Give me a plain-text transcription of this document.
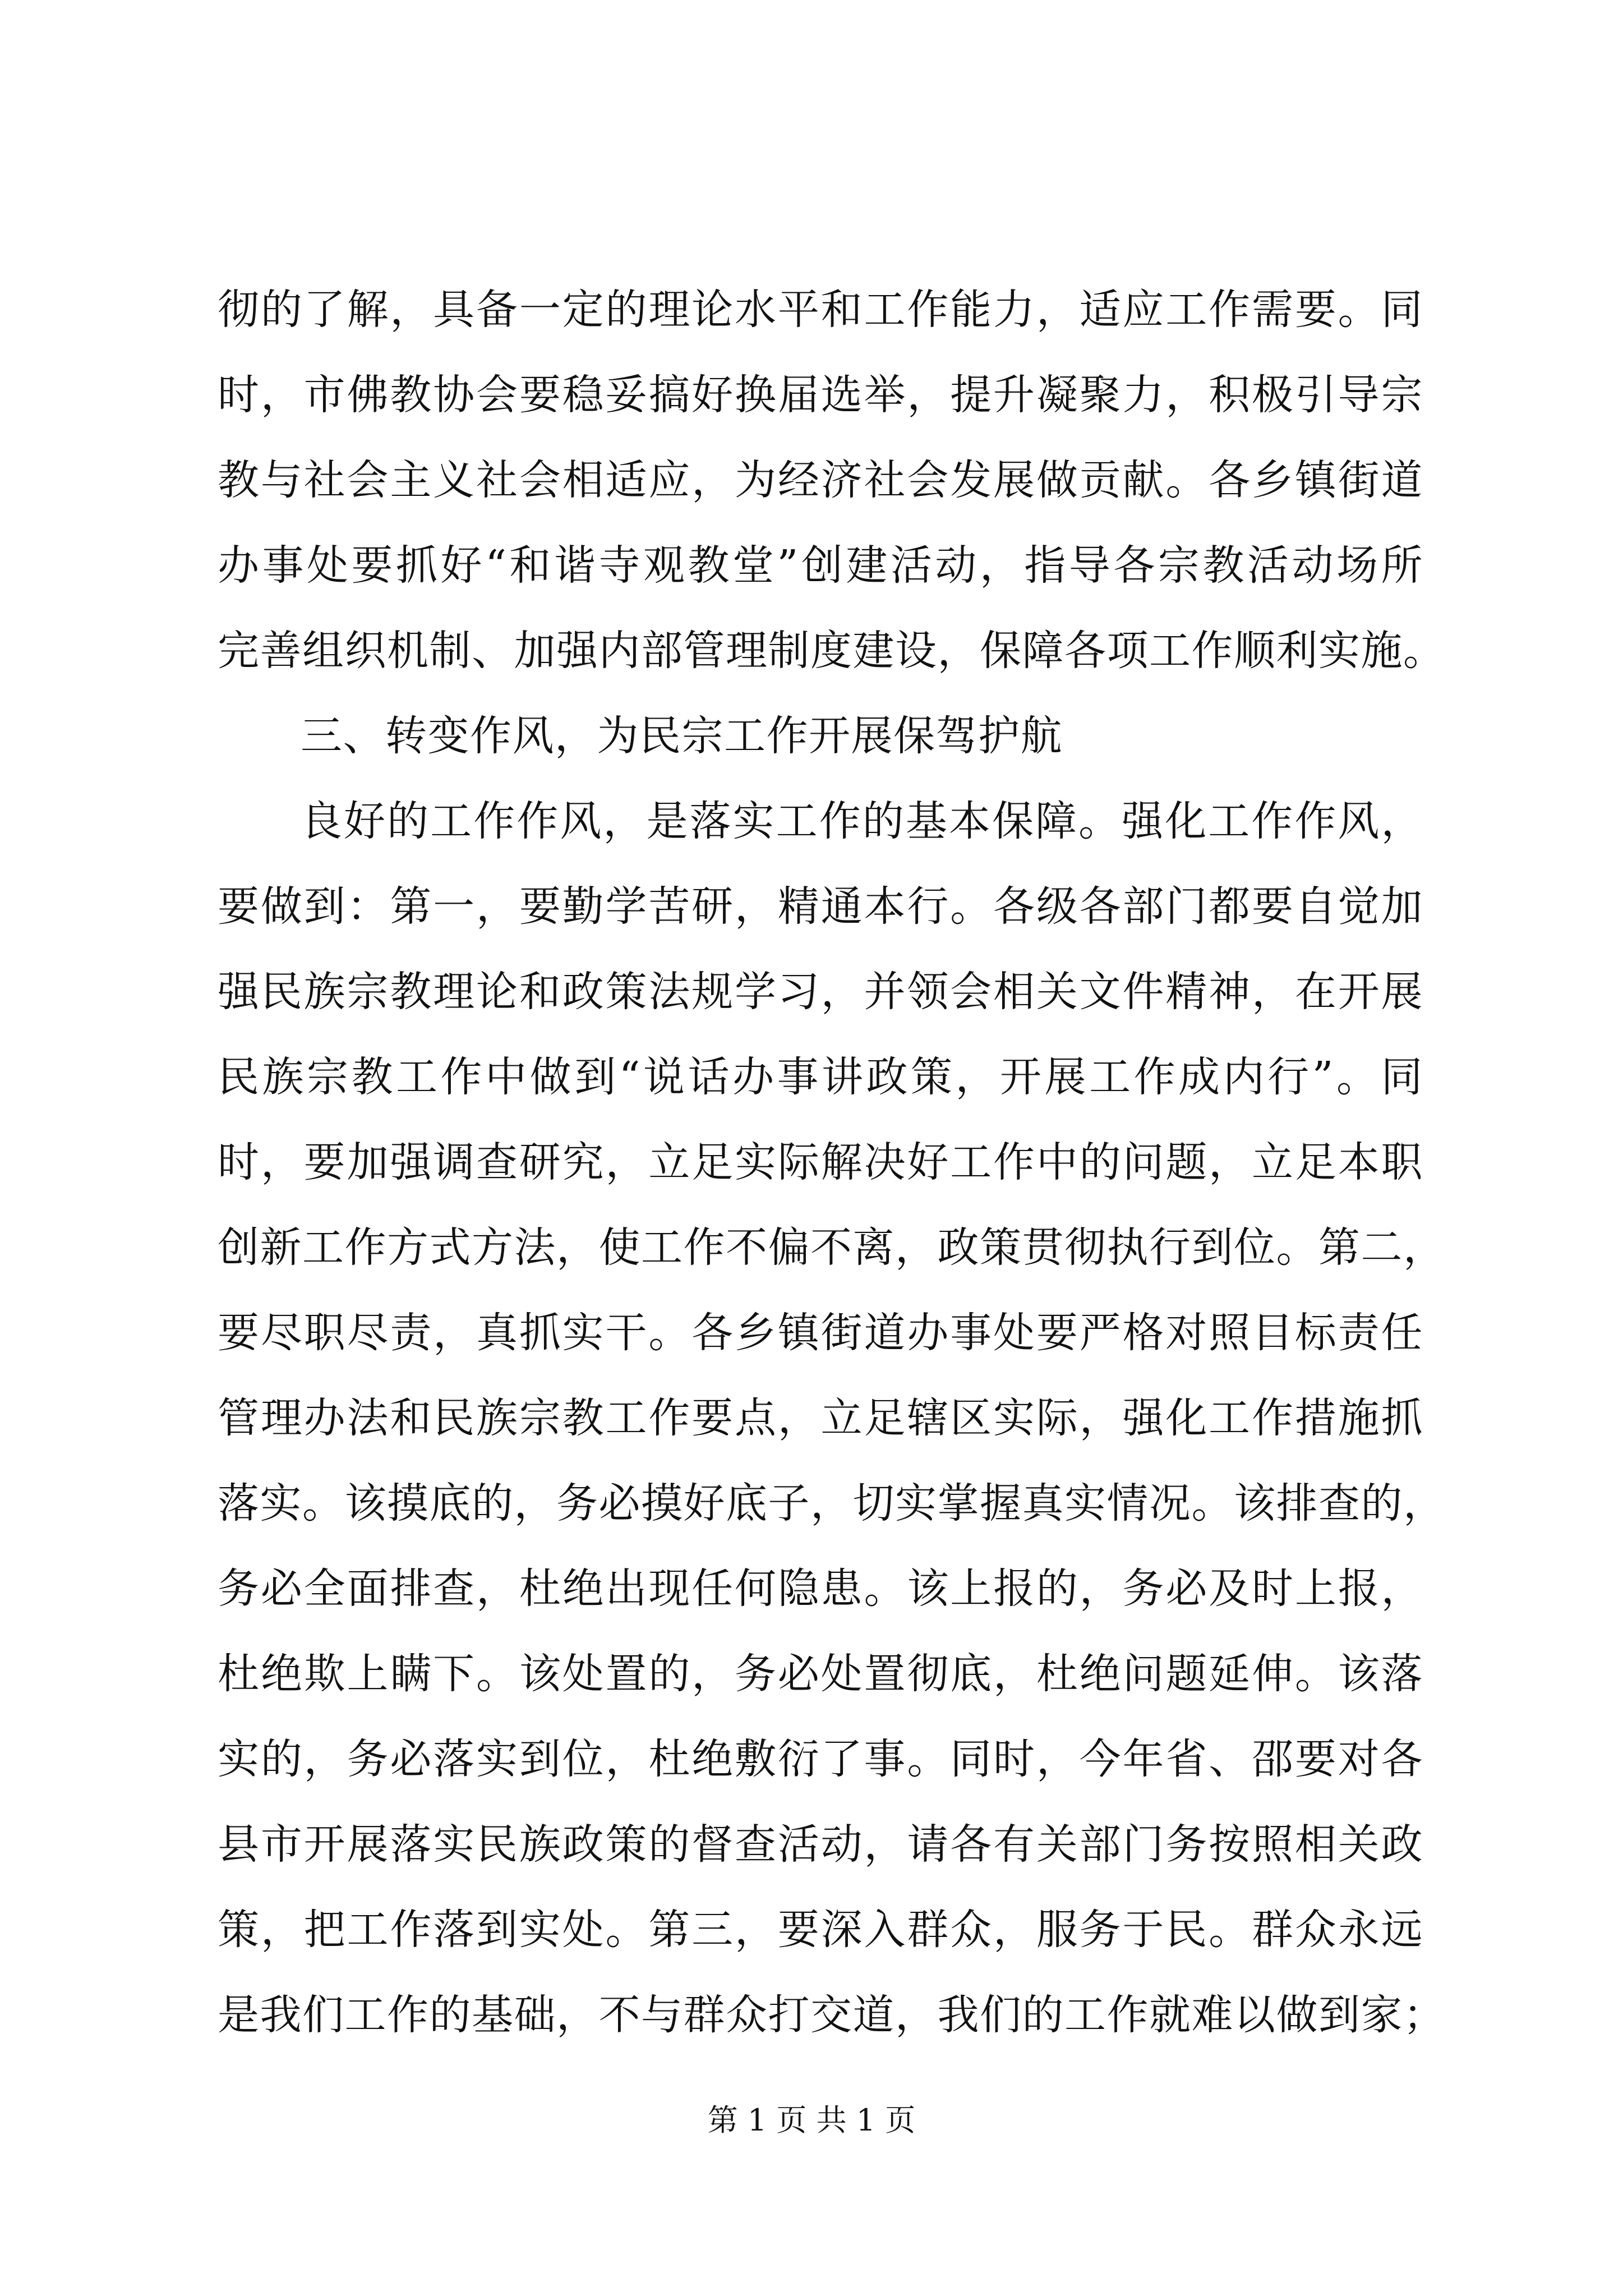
彻的了解，具备一定的理论水平和工作能力，适应工作需要。同
时，市佛教协会要稳妥搞好换届选举，提升凝聚力，积极引导宗
教与社会主义社会相适应，为经济社会发展做贡献。各乡镇街道
办事处要抓好“和谐寺观教堂”创建活动，指导各宗教活动场所
完善组织机制、加强内部管理制度建设，保障各项工作顺利实施。
三、转变作风，为民宗工作开展保驾护航
良好的工作作风，是落实工作的基本保障。强化工作作风，
要做到：第一，要勤学苦研，精通本行。各级各部门都要自觉加
强民族宗教理论和政策法规学习，并领会相关文件精神，在开展
民族宗教工作中做到“说话办事讲政策，开展工作成内行”。同
时，要加强调查研究，立足实际解决好工作中的问题，立足本职
创新工作方式方法，使工作不偏不离，政策贯彻执行到位。第二，
要尽职尽责，真抓实干。各乡镇街道办事处要严格对照目标责任
管理办法和民族宗教工作要点，立足辖区实际，强化工作措施抓
落实。该摸底的，务必摸好底子，切实掌握真实情况。该排查的，
务必全面排查，杜绝出现任何隐患。该上报的，务必及时上报，
杜绝欺上瞒下。该处置的，务必处置彻底，杜绝问题延伸。该落
实的，务必落实到位，杜绝敷衍了事。同时，今年省、邵要对各
县市开展落实民族政策的督查活动，请各有关部门务按照相关政
策，把工作落到实处。第三，要深入群众，服务于民。群众永远
是我们工作的基础，不与群众打交道，我们的工作就难以做到家；
第 1 页 共 1 页
